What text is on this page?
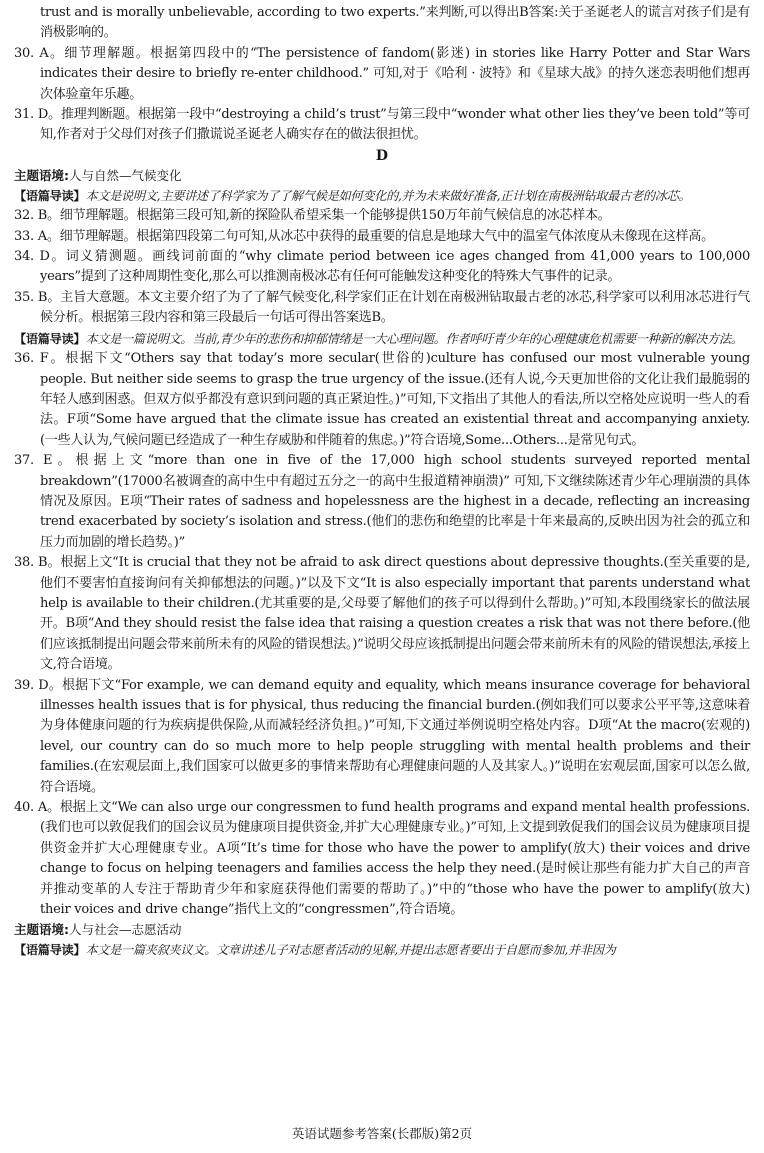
trust and is morally unbelievable, according to two experts.”来判断,可以得出B答案:关于圣诞老人的谎言对孩子们是有消极影响的。

30. A。细节理解题。根据第四段中的“The persistence of fandom(影迷) in stories like Harry Potter and Star Wars indicates their desire to briefly re-enter childhood.” 可知,对于《哈利 · 波特》和《星球大战》的持久迷恋表明他们想再次体验童年乐趣。

31. D。推理判断题。根据第一段中“destroying a child’s trust”与第三段中“wonder what other lies they’ve been told”等可知,作者对于父母们对孩子们撒谎说圣诞老人确实存在的做法很担忧。

D

主题语境:人与自然—气候变化

【语篇导读】本文是说明文,主要讲述了科学家为了了解气候是如何变化的,并为未来做好准备,正计划在南极洲钻取最古老的冰芯。

32. B。细节理解题。根据第三段可知,新的探险队希望采集一个能够提供150万年前气候信息的冰芯样本。

33. A。细节理解题。根据第四段第二句可知,从冰芯中获得的最重要的信息是地球大气中的温室气体浓度从未像现在这样高。

34. D。词义猜测题。画线词前面的“why climate period between ice ages changed from 41,000 years to 100,000 years”提到了这种周期性变化,那么可以推测南极冰芯有任何可能触发这种变化的特殊大气事件的记录。

35. B。主旨大意题。本文主要介绍了为了了解气候变化,科学家们正在计划在南极洲钻取最古老的冰芯,科学家可以利用冰芯进行气候分析。根据第三段内容和第三段最后一句话可得出答案选B。

【语篇导读】本文是一篇说明文。当前,青少年的悲伤和抑郁情绪是一大心理问题。作者呼吁青少年的心理健康危机需要一种新的解决方法。

36. F。根据下文“Others say that today’s more secular(世俗的)culture has confused our most vulnerable young people. But neither side seems to grasp the true urgency of the issue.(还有人说,今天更加世俗的文化让我们最脆弱的年轻人感到困惑。但双方似乎都没有意识到问题的真正紧迫性。)”可知,下文指出了其他人的看法,所以空格处应说明一些人的看法。F项“Some have argued that the climate issue has created an existential threat and accompanying anxiety.(一些人认为,气候问题已经造成了一种生存威胁和伴随着的焦虑。)”符合语境,Some...Others...是常见句式。

37. E。根据上文“more than one in five of the 17,000 high school students surveyed reported mental breakdown”(17000名被调查的高中生中有超过五分之一的高中生报道精神崩溃)” 可知,下文继续陈述青少年心理崩溃的具体情况及原因。E项“Their rates of sadness and hopelessness are the highest in a decade, reflecting an increasing trend exacerbated by society’s isolation and stress.(他们的悲伤和绝望的比率是十年来最高的,反映出因为社会的孤立和压力而加剧的增长趋势。)”

38. B。根据上文“It is crucial that they not be afraid to ask direct questions about depressive thoughts.(至关重要的是,他们不要害怕直接询问有关抑郁想法的问题。)”以及下文“It is also especially important that parents understand what help is available to their children.(尤其重要的是,父母要了解他们的孩子可以得到什么帮助。)”可知,本段围绕家长的做法展开。B项“And they should resist the false idea that raising a question creates a risk that was not there before.(他们应该抵制提出问题会带来前所未有的风险的错误想法。)”说明父母应该抵制提出问题会带来前所未有的风险的错误想法,承接上文,符合语境。

39. D。根据下文“For example, we can demand equity and equality, which means insurance coverage for behavioral illnesses health issues that is for physical, thus reducing the financial burden.(例如我们可以要求公平平等,这意味着为身体健康问题的行为疾病提供保险,从而减轻经济负担。)”可知,下文通过举例说明空格处内容。D项“At the macro(宏观的) level, our country can do so much more to help people struggling with mental health problems and their families.(在宏观层面上,我们国家可以做更多的事情来帮助有心理健康问题的人及其家人。)”说明在宏观层面,国家可以怎么做,符合语境。

40. A。根据上文“We can also urge our congressmen to fund health programs and expand mental health professions.(我们也可以敦促我们的国会议员为健康项目提供资金,并扩大心理健康专业。)”可知,上文提到敦促我们的国会议员为健康项目提供资金并扩大心理健康专业。A项“It’s time for those who have the power to amplify(放大) their voices and drive change to focus on helping teenagers and families access the help they need.(是时候让那些有能力扩大自己的声音并推动变革的人专注于帮助青少年和家庭获得他们需要的帮助了。)”中的“those who have the power to amplify(放大) their voices and drive change”指代上文的“congressmen”,符合语境。

主题语境:人与社会—志愿活动

【语篇导读】本文是一篇夹叙夹议文。文章讲述儿子对志愿者活动的见解,并提出志愿者要出于自愿而参加,并非因为

英语试题参考答案(长郡版)第2页
